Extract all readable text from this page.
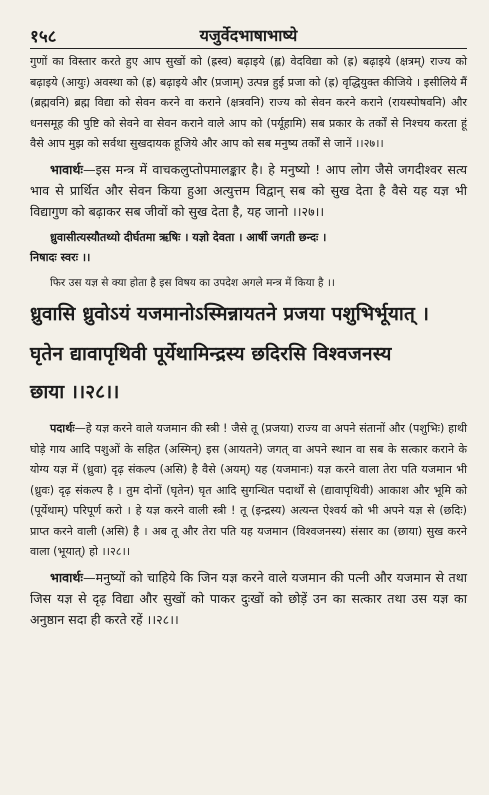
१५८	यजुर्वेदभाषाभाष्ये

गुणों का विस्तार करते हुए आप सुखों को (ह्रस्व) बढ़ाइये (ह्ल) वेदविद्या को (ह्र) बढ़ाइये (क्षत्रम्) राज्य को बढ़ाइये (आयुः) अवस्था को (ह्र) बढ़ाइये और (प्रजाम्) उत्पन्न हुई प्रजा को (ह्र) वृद्धियुक्त कीजिये । इसीलिये मैं (ब्रह्मवनि) ब्रह्म विद्या को सेवन करने वा कराने (क्षत्रवनि) राज्य को सेवन करने कराने (रायस्पोषवनि) और धनसमूह की पुष्टि को सेवने वा सेवन कराने वाले आप को (पर्यूहामि) सब प्रकार के तर्कों से निश्चय करता हूं वैसे आप मुझ को सर्वथा सुखदायक हूजिये और आप को सब मनुष्य तर्कों से जानें ।।२७।।

भावार्थः—इस मन्त्र में वाचकलुप्तोपमालङ्कार है। हे मनुष्यो ! आप लोग जैसे जगदीश्वर सत्य भाव से प्रार्थित और सेवन किया हुआ अत्युत्तम विद्वान् सब को सुख देता है वैसे यह यज्ञ भी विद्यागुण को बढ़ाकर सब जीवों को सुख देता है, यह जानो ।।२७।।

ध्रुवासीत्यस्यौतथ्यो दीर्घतमा ऋषिः । यज्ञो देवता । आर्षी जगती छन्दः ।

निषादः स्वरः ।।

फिर उस यज्ञ से क्या होता है इस विषय का उपदेश अगले मन्त्र में किया है ।।

ध्रुवासि ध्रुवोऽयं यजमानोऽस्मिन्नायतने प्रजया पशुभिर्भूयात् ।
घृतेन द्यावापृथिवी पूर्येथामिन्द्रस्य छदिरसि विश्वजनस्य
छाया ।।२८।।

पदार्थः—हे यज्ञ करने वाले यजमान की स्त्री ! जैसे तू (प्रजया) राज्य वा अपने संतानों और (पशुभिः) हाथी घोड़े गाय आदि पशुओं के सहित (अस्मिन्) इस (आयतने) जगत् वा अपने स्थान वा सब के सत्कार कराने के योग्य यज्ञ में (ध्रुवा) दृढ़ संकल्प (असि) है वैसे (अयम्) यह (यजमानः) यज्ञ करने वाला तेरा पति यजमान भी (ध्रुवः) दृढ़ संकल्प है । तुम दोनों (घृतेन) घृत आदि सुगन्धित पदार्थों से (द्यावापृथिवी) आकाश और भूमि को (पूर्येथाम्) परिपूर्ण करो । हे यज्ञ करने वाली स्त्री ! तू (इन्द्रस्य) अत्यन्त ऐश्वर्य को भी अपने यज्ञ से (छदिः) प्राप्त करने वाली (असि) है । अब तू और तेरा पति यह यजमान (विश्वजनस्य) संसार का (छाया) सुख करने वाला (भूयात्) हो ।।२८।।

भावार्थः—मनुष्यों को चाहिये कि जिन यज्ञ करने वाले यजमान की पत्नी और यजमान से तथा जिस यज्ञ से दृढ़ विद्या और सुखों को पाकर दुःखों को छोड़ें उन का सत्कार तथा उस यज्ञ का अनुष्ठान सदा ही करते रहें ।।२८।।
